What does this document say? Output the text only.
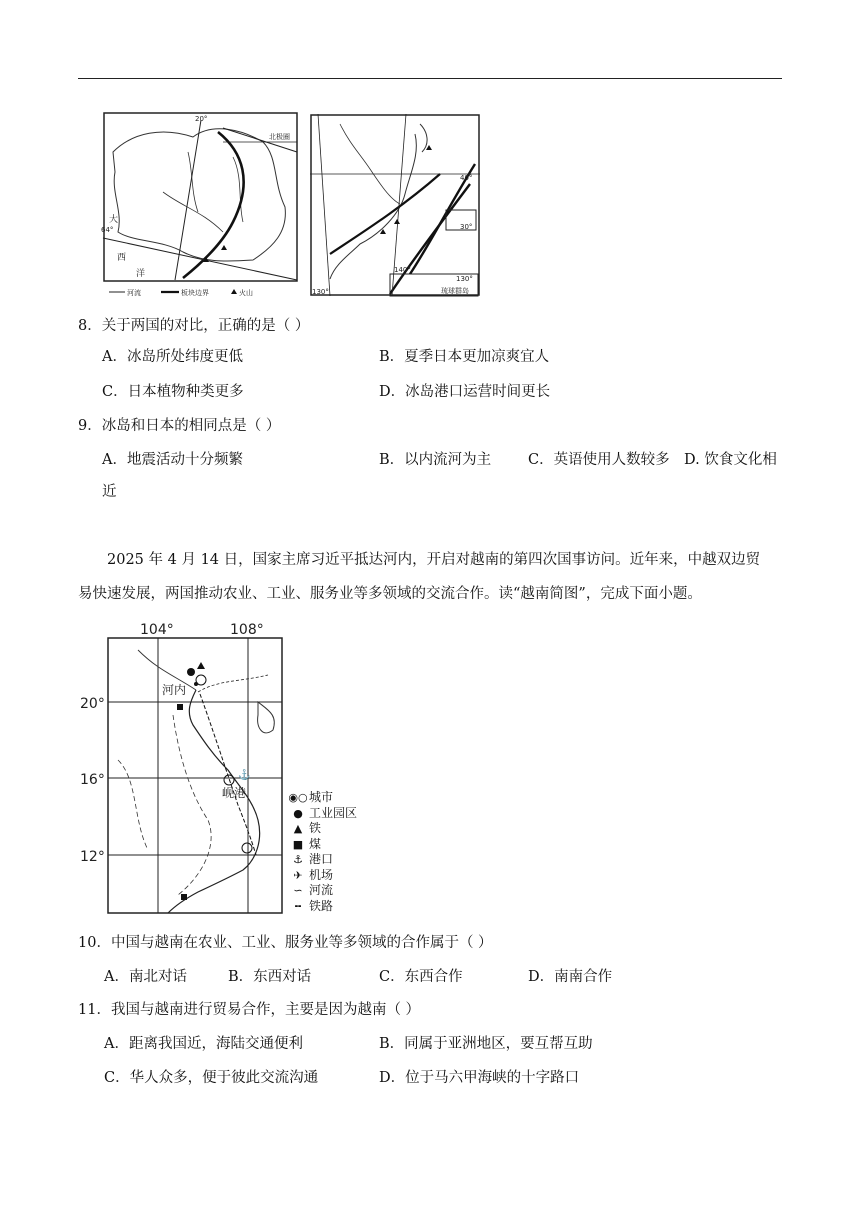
20°
北极圈
64°
大
西
洋
河流	板块边界	火山
40°
140°
130°
30°
130°
琉球群岛
8．关于两国的对比，正确的是（ ）
A．冰岛所处纬度更低	B．夏季日本更加凉爽宜人
C．日本植物种类更多	D．冰岛港口运营时间更长
9．冰岛和日本的相同点是（ ）
A．地震活动十分频繁	B．以内流河为主	C．英语使用人数较多 D. 饮食文化相
近

2025 年 4 月 14 日，国家主席习近平抵达河内，开启对越南的第四次国事访问。近年来，中越双边贸

易快速发展，两国推动农业、工业、服务业等多领域的交流合作。读“越南简图”，完成下面小题。

⚓
104°	108°
20°
16°
12°
河内
岘港	◉○ 城市
● 工业园区
▲ 铁
■ 煤
⚓ 港口
✈ 机场
∽ 河流
╍ 铁路
10．中国与越南在农业、工业、服务业等多领域的合作属于（ ）
A．南北对话	B．东西对话	C．东西合作	D．南南合作
11．我国与越南进行贸易合作，主要是因为越南（ ）
A．距离我国近，海陆交通便利	B．同属于亚洲地区，要互帮互助
C．华人众多，便于彼此交流沟通	D．位于马六甲海峡的十字路口
